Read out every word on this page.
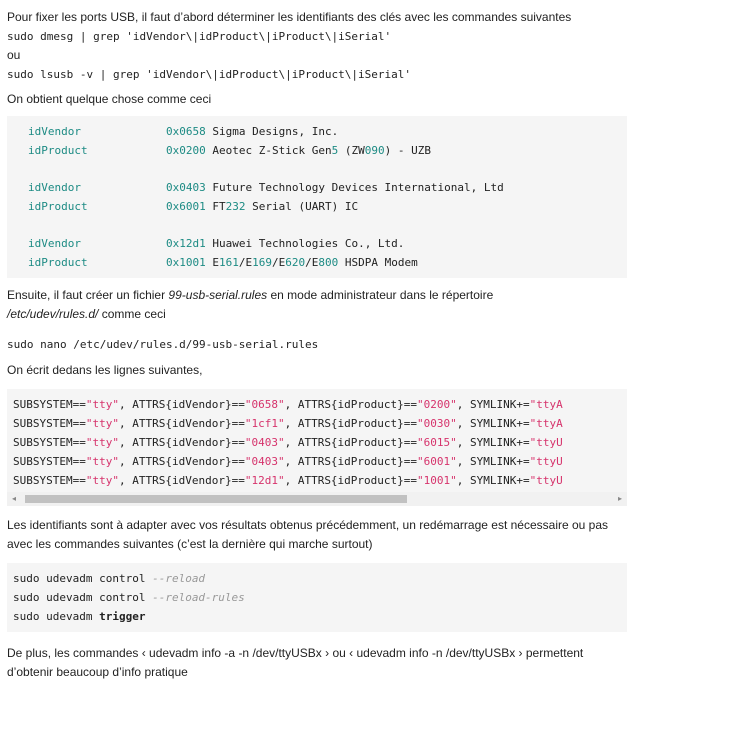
Pour fixer les ports USB, il faut d’abord déterminer les identifiants des clés avec les commandes suivantes

sudo dmesg | grep 'idVendor\|idProduct\|iProduct\|iSerial'

ou

sudo lsusb -v | grep 'idVendor\|idProduct\|iProduct\|iSerial'

On obtient quelque chose comme ceci

idVendor	0x0658 Sigma Designs, Inc.
idProduct	0x0200 Aeotec Z-Stick Gen5 (ZW090) - UZB
idVendor	0x0403 Future Technology Devices International, Ltd
idProduct	0x6001 FT232 Serial (UART) IC
idVendor	0x12d1 Huawei Technologies Co., Ltd.
idProduct	0x1001 E161/E169/E620/E800 HSDPA Modem

Ensuite, il faut créer un fichier 99-usb-serial.rules en mode administrateur dans le répertoire
/etc/udev/rules.d/ comme ceci

sudo nano /etc/udev/rules.d/99-usb-serial.rules

On écrit dedans les lignes suivantes,

SUBSYSTEM=="tty", ATTRS{idVendor}=="0658", ATTRS{idProduct}=="0200", SYMLINK+="ttyA
SUBSYSTEM=="tty", ATTRS{idVendor}=="1cf1", ATTRS{idProduct}=="0030", SYMLINK+="ttyA
SUBSYSTEM=="tty", ATTRS{idVendor}=="0403", ATTRS{idProduct}=="6015", SYMLINK+="ttyU
SUBSYSTEM=="tty", ATTRS{idVendor}=="0403", ATTRS{idProduct}=="6001", SYMLINK+="ttyU
SUBSYSTEM=="tty", ATTRS{idVendor}=="12d1", ATTRS{idProduct}=="1001", SYMLINK+="ttyU
◂	▸

Les identifiants sont à adapter avec vos résultats obtenus précédemment, un redémarrage est nécessaire ou pas avec les commandes suivantes (c’est la dernière qui marche surtout)

sudo udevadm control --reload
sudo udevadm control --reload-rules
sudo udevadm trigger

De plus, les commandes ‹ udevadm info -a -n /dev/ttyUSBx › ou ‹ udevadm info -n /dev/ttyUSBx › permettent d’obtenir beaucoup d’info pratique
